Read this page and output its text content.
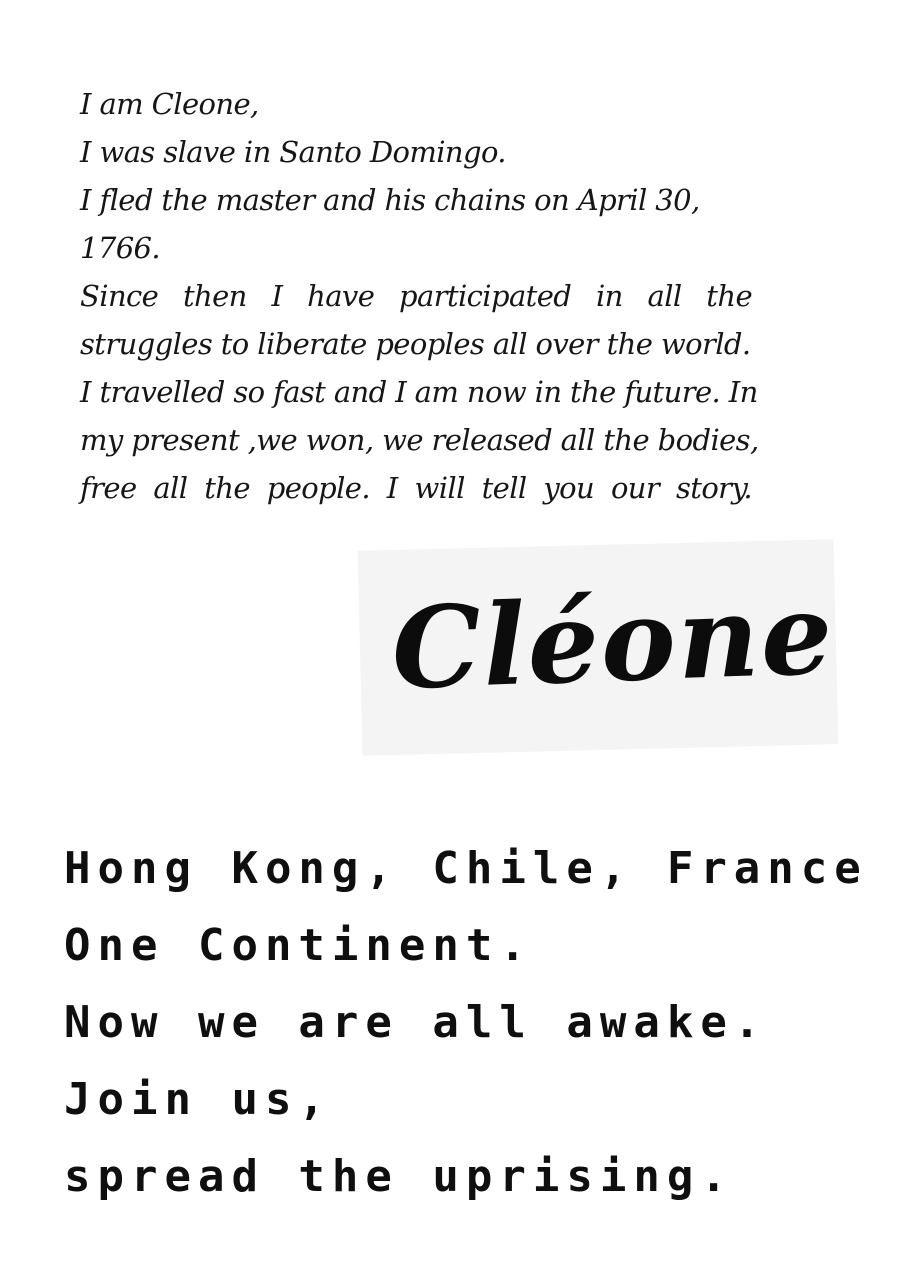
I am Cleone,
I was slave in Santo Domingo.
I fled the master and his chains on April 30,
1766.
Since then I have participated in all the
struggles to liberate peoples all over the world.
I travelled so fast and I am now in the future. In
my present ,we won, we released all the bodies,
free all the people. I will tell you our story.
Cléone
Hong Kong, Chile, France
One Continent.
Now we are all awake.
Join us,
spread the uprising.
